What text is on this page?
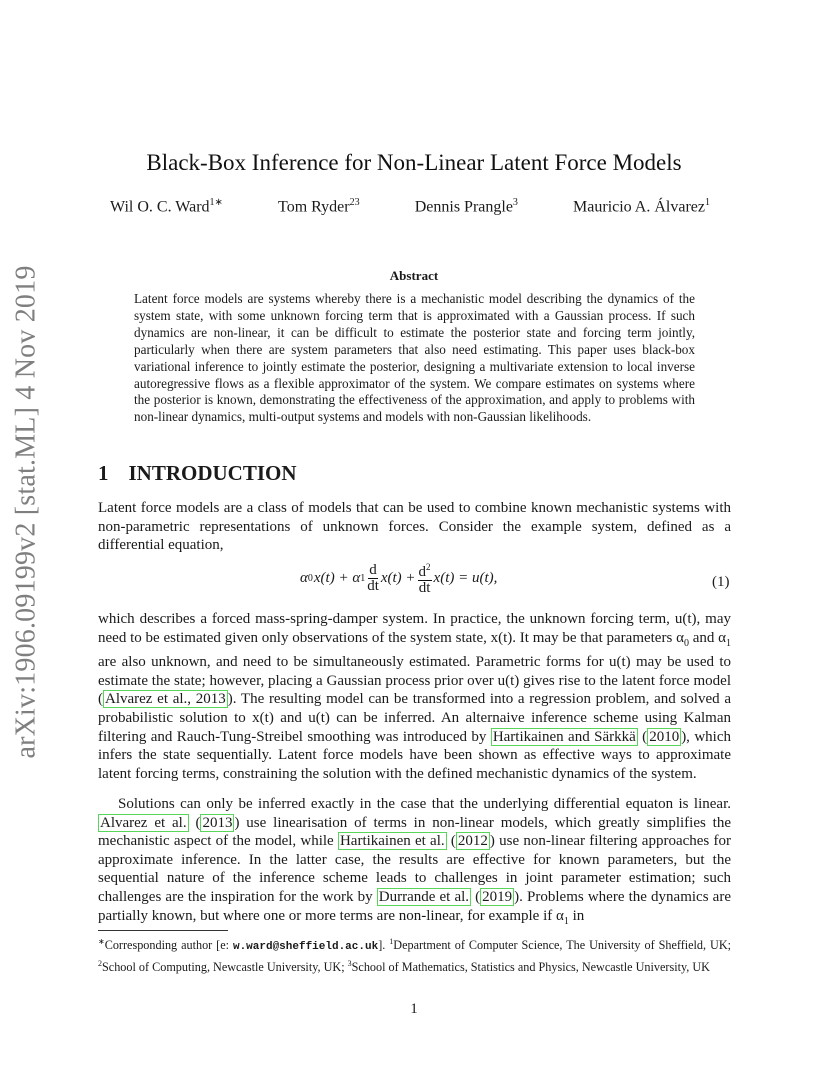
arXiv:1906.09199v2 [stat.ML] 4 Nov 2019
Black-Box Inference for Non-Linear Latent Force Models
Wil O. C. Ward$^{1∗}$	Tom Ryder$^{23}$	Dennis Prangle$^3$	Mauricio A. Álvarez$^1$
Abstract

Latent force models are systems whereby there is a mechanistic model describing the dynamics of the system state, with some unknown forcing term that is approximated with a Gaussian process. If such dynamics are non-linear, it can be difficult to estimate the posterior state and forcing term jointly, particularly when there are system parameters that also need estimating. This paper uses black-box variational inference to jointly estimate the posterior, designing a multivariate extension to local inverse autoregressive flows as a flexible approximator of the system. We compare estimates on systems where the posterior is known, demonstrating the effectiveness of the approximation, and apply to problems with non-linear dynamics, multi-output systems and models with non-Gaussian likelihoods.

1 INTRODUCTION

Latent force models are a class of models that can be used to combine known mechanistic systems with non-parametric representations of unknown forces. Consider the example system, defined as a differential equation,

α 0 x(t) + α $1 \frac{d}{dt} x(t) + \frac{d^2}{dt} x(t) = u(t)$,	(1)

which describes a forced mass-spring-damper system. In practice, the unknown forcing term, u(t), may need to be estimated given only observations of the system state, x(t). It may be that parameters $\alpha_0$ and $\alpha_1$ are also unknown, and need to be simultaneously estimated. Parametric forms for u(t) may be used to estimate the state; however, placing a Gaussian process prior over u(t) gives rise to the latent force model ( Alvarez et al., 2013 ). The resulting model can be transformed into a regression problem, and solved a probabilistic solution to x(t) and u(t) can be inferred. An alternaive inference scheme using Kalman filtering and Rauch-Tung-Streibel smoothing was introduced by Hartikainen and Särkkä ( 2010 ), which infers the state sequentially. Latent force models have been shown as effective ways to approximate latent forcing terms, constraining the solution with the defined mechanistic dynamics of the system.

Solutions can only be inferred exactly in the case that the underlying differential equaton is linear. Alvarez et al. ( 2013 ) use linearisation of terms in non-linear models, which greatly simplifies the mechanistic aspect of the model, while Hartikainen et al. ( 2012 ) use non-linear filtering approaches for approximate inference. In the latter case, the results are effective for known parameters, but the sequential nature of the inference scheme leads to challenges in joint parameter estimation; such challenges are the inspiration for the work by Durrande et al. ( 2019 ). Problems where the dynamics are partially known, but where one or more terms are non-linear, for example if $\alpha_1$ in

∗Corresponding author [e: w.ward@sheffield.ac.uk]. $^1$Department of Computer Science, The University of Sheffield, UK; $^2$School of Computing, Newcastle University, UK; $^3$School of Mathematics, Statistics and Physics, Newcastle University, UK

1
